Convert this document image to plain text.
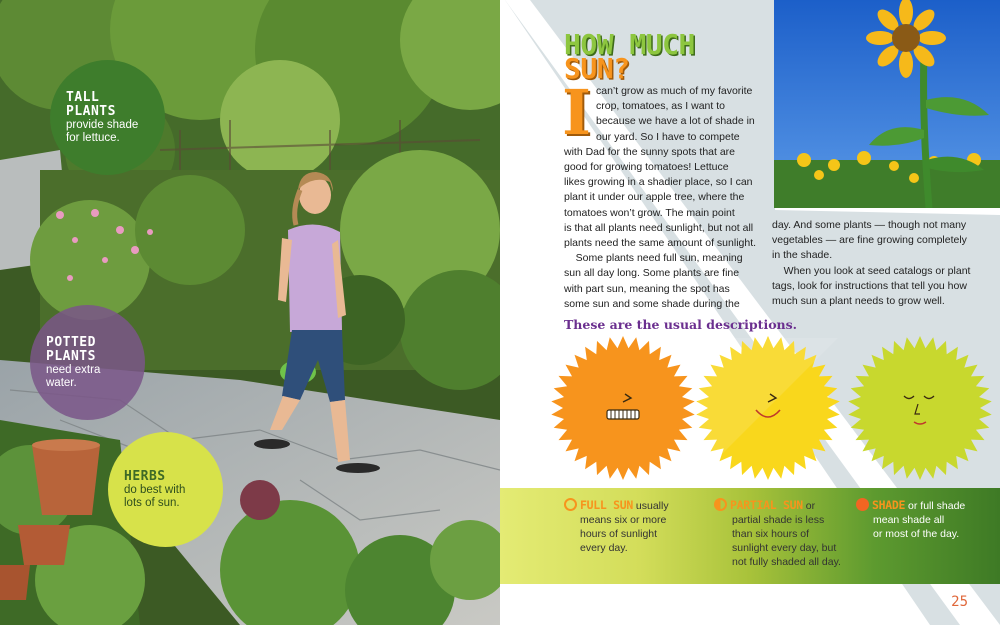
TALL
PLANTS
provide shade
for lettuce.
POTTED
PLANTS
need extra
water.
HERBS
do best with
lots of sun.
HOW MUCH
SUN?
I can’t grow as much of my favorite
crop, tomatoes, as I want to
because we have a lot of shade in
our yard. So I have to compete
with Dad for the sunny spots that are
good for growing tomatoes! Lettuce
likes growing in a shadier place, so I can
plant it under our apple tree, where the
tomatoes won’t grow. The main point
is that all plants need sunlight, but not all
plants need the same amount of sunlight.
Some plants need full sun, meaning
sun all day long. Some plants are fine
with part sun, meaning the spot has
some sun and some shade during the
day. And some plants — though not many
vegetables — are fine growing completely
in the shade.
When you look at seed catalogs or plant
tags, look for instructions that tell you how
much sun a plant needs to grow well.
These are the usual descriptions.
FULL SUN usually
means six or more
hours of sunlight
every day.
PARTIAL SUN or
partial shade is less
than six hours of
sunlight every day, but
not fully shaded all day.
SHADE or full shade
mean shade all
or most of the day.
25
